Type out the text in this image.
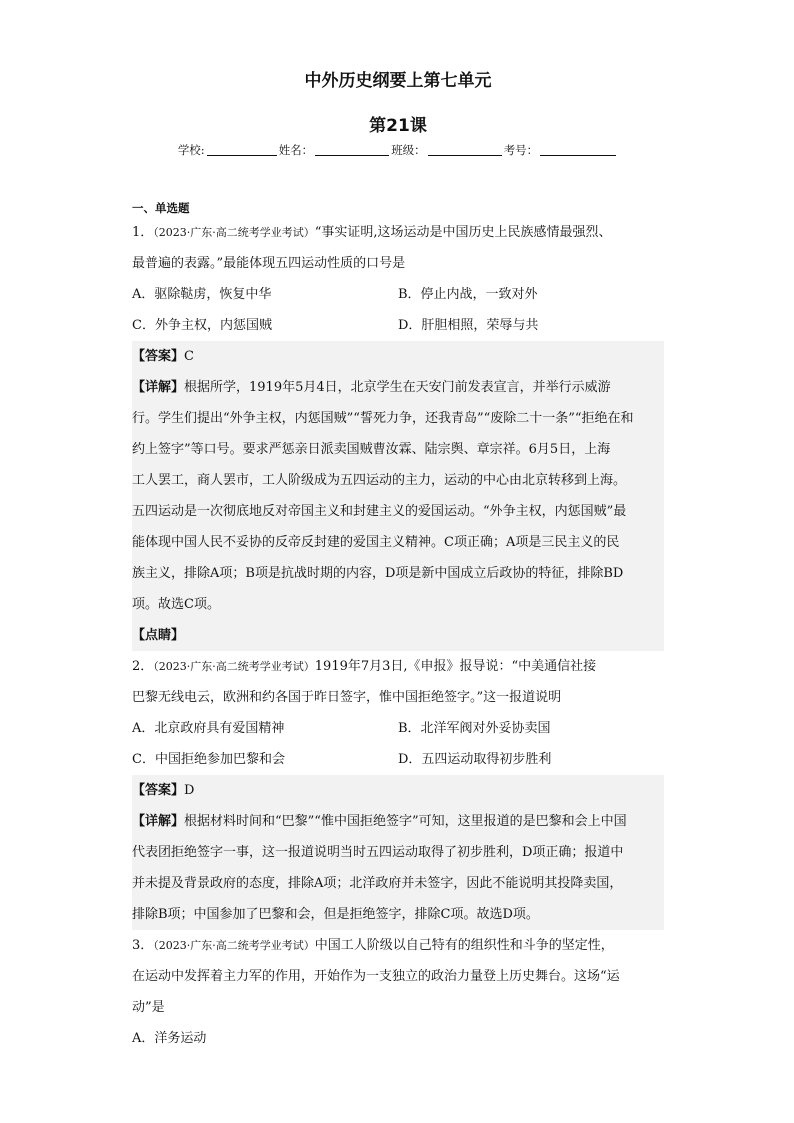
中外历史纲要上第七单元
第21课
学校:	姓名：	班级：	考号：
一、单选题
1．（2023·广东·高二统考学业考试）“事实证明,这场运动是中国历史上民族感情最强烈、
最普遍的表露。”最能体现五四运动性质的口号是
A．驱除鞑虏，恢复中华	B．停止内战，一致对外
C．外争主权，内惩国贼	D．肝胆相照，荣辱与共
【答案】C
【详解】根据所学，1919年5月4日，北京学生在天安门前发表宣言，并举行示威游
行。学生们提出“外争主权，内惩国贼”“誓死力争，还我青岛”“废除二十一条”“拒绝在和
约上签字”等口号。要求严惩亲日派卖国贼曹汝霖、陆宗舆、章宗祥。6月5日，上海
工人罢工，商人罢市，工人阶级成为五四运动的主力，运动的中心由北京转移到上海。
五四运动是一次彻底地反对帝国主义和封建主义的爱国运动。“外争主权，内惩国贼”最
能体现中国人民不妥协的反帝反封建的爱国主义精神。C项正确；A项是三民主义的民
族主义，排除A项；B项是抗战时期的内容，D项是新中国成立后政协的特征，排除BD
项。故选C项。
【点睛】
2．（2023·广东·高二统考学业考试）1919年7月3日,《申报》报导说：“中美通信社接
巴黎无线电云，欧洲和约各国于昨日签字，惟中国拒绝签字。”这一报道说明
A．北京政府具有爱国精神	B．北洋军阀对外妥协卖国
C．中国拒绝参加巴黎和会	D．五四运动取得初步胜利
【答案】D
【详解】根据材料时间和“巴黎”“惟中国拒绝签字”可知，这里报道的是巴黎和会上中国
代表团拒绝签字一事，这一报道说明当时五四运动取得了初步胜利，D项正确；报道中
并未提及背景政府的态度，排除A项；北洋政府并未签字，因此不能说明其投降卖国，
排除B项；中国参加了巴黎和会，但是拒绝签字，排除C项。故选D项。
3．（2023·广东·高二统考学业考试）中国工人阶级以自己特有的组织性和斗争的坚定性，
在运动中发挥着主力军的作用，开始作为一支独立的政治力量登上历史舞台。这场“运
动”是
A．洋务运动
